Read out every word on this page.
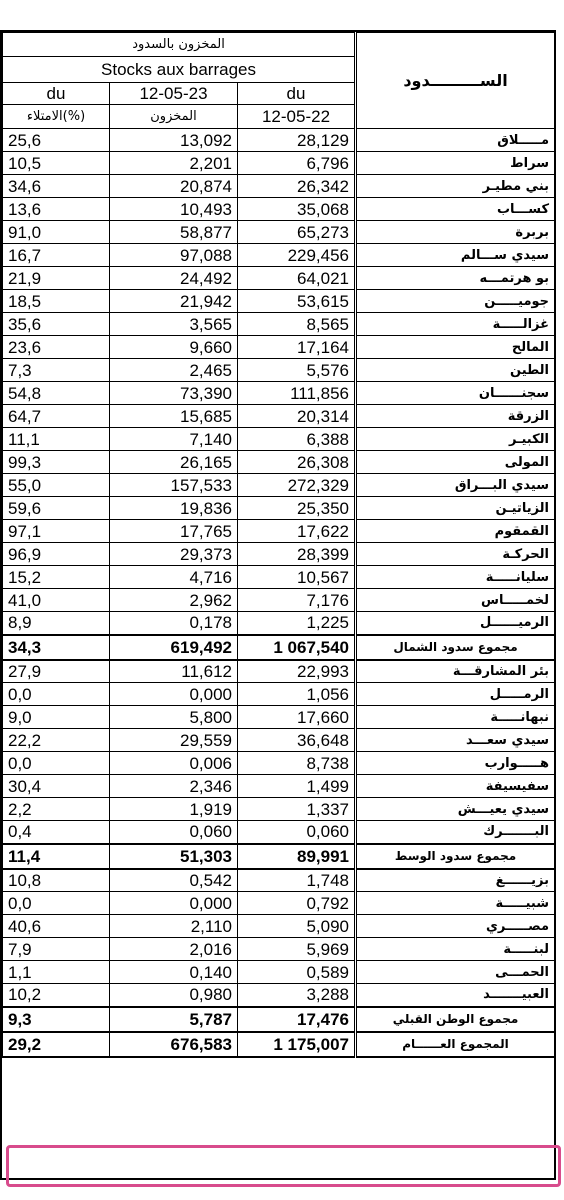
المخزون بالسدود			الســـــــــدود
Stocks aux barrages			
du	12-05-23	du	
الامتلاء(%)	المخزون	12-05-22	
25,6	13,092	28,129	مـــــلاق
10,5	2,201	6,796	سراط
34,6	20,874	26,342	بني مطيـر
13,6	10,493	35,068	كســـاب
91,0	58,877	65,273	بربرة
16,7	97,088	229,456	سيدي ســـالم
21,9	24,492	64,021	بو هرتمـــه
18,5	21,942	53,615	جوميـــــن
35,6	3,565	8,565	غزالـــــة
23,6	9,660	17,164	المالح
7,3	2,465	5,576	الطين
54,8	73,390	111,856	سجنــــــان
64,7	15,685	20,314	الزرقة
11,1	7,140	6,388	الكبيـر
99,3	26,165	26,308	المولى
55,0	157,533	272,329	سيدي البـــراق
59,6	19,836	25,350	الزياتيـن
97,1	17,765	17,622	القمقوم
96,9	29,373	28,399	الحركـة
15,2	4,716	10,567	سليانـــــة
41,0	2,962	7,176	لخمـــــاس
8,9	0,178	1,225	الرميــــــل
34,3	619,492	1 067,540	مجموع سدود الشمال
27,9	11,612	22,993	بئر المشارقـــة
0,0	0,000	1,056	الرمـــــل
9,0	5,800	17,660	نبهانـــــة
22,2	29,559	36,648	سيدي سعـــد
0,0	0,006	8,738	هـــــوارب
30,4	2,346	1,499	سفيسيفة
2,2	1,919	1,337	سيدي يعيـــش
0,4	0,060	0,060	البـــــــرك
11,4	51,303	89,991	مجموع سدود الوسط
10,8	0,542	1,748	بزيــــــغ
0,0	0,000	0,792	شبيـــــة
40,6	2,110	5,090	مصـــــري
7,9	2,016	5,969	لبنـــــة
1,1	0,140	0,589	الحمـــى
10,2	0,980	3,288	العبيـــــــد
9,3	5,787	17,476	مجموع الوطن القبلي
29,2	676,583	1 175,007	المجموع العــــــام
